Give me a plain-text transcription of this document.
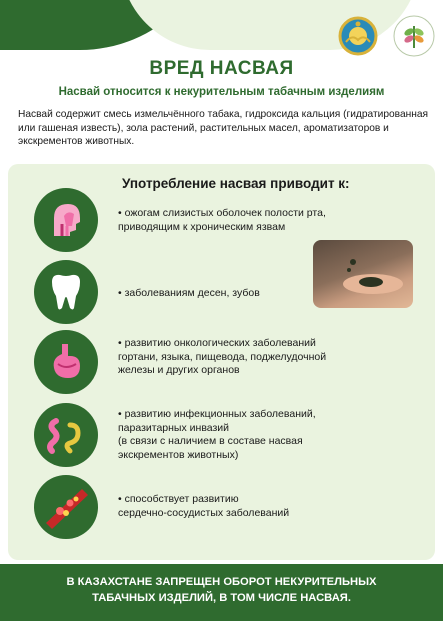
ВРЕД НАСВАЯ
Насвай относится к некурительным табачным изделиям
Насвай содержит смесь измельчённого табака, гидроксида кальция (гидратированная или гашеная известь), зола растений, растительных масел, ароматизаторов и экскрементов животных.
Употребление насвая приводит к:
• ожогам слизистых оболочек полости рта,
приводящим к хроническим язвам
• заболеваниям десен, зубов
• развитию онкологических заболеваний
гортани, языка, пищевода, поджелудочной
железы и других органов
• развитию инфекционных заболеваний,
паразитарных инвазий
(в связи с наличием в составе насвая
экскрементов животных)
• способствует развитию
сердечно-сосудистых заболеваний
В КАЗАХСТАНЕ ЗАПРЕЩЕН ОБОРОТ НЕКУРИТЕЛЬНЫХ
ТАБАЧНЫХ ИЗДЕЛИЙ, В ТОМ ЧИСЛЕ НАСВАЯ.
